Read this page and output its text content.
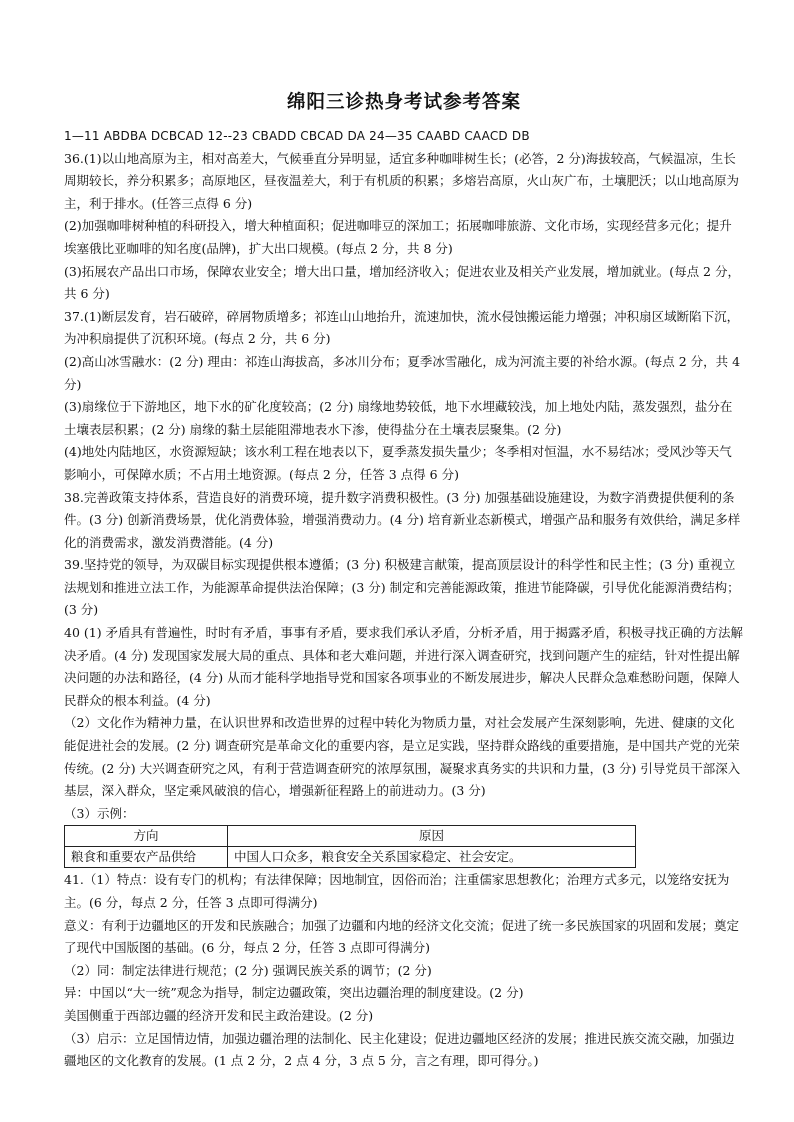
绵阳三诊热身考试参考答案

1—11 ABDBA DCBCAD 12--23 CBADD CBCAD DA 24—35 CAABD CAACD DB

36.(1)以山地高原为主，相对高差大，气候垂直分异明显，适宜多种咖啡树生长；(必答，2 分)海拔较高，气候温凉，生长周期较长，养分积累多；高原地区，昼夜温差大，利于有机质的积累；多熔岩高原，火山灰广布，土壤肥沃；以山地高原为主，利于排水。(任答三点得 6 分)

(2)加强咖啡树种植的科研投入，增大种植面积；促进咖啡豆的深加工；拓展咖啡旅游、文化市场，实现经营多元化；提升埃塞俄比亚咖啡的知名度(品牌)，扩大出口规模。(每点 2 分，共 8 分)

(3)拓展农产品出口市场，保障农业安全；增大出口量，增加经济收入；促进农业及相关产业发展，增加就业。(每点 2 分，共 6 分)

37.(1)断层发育，岩石破碎，碎屑物质增多；祁连山山地抬升，流速加快，流水侵蚀搬运能力增强；冲积扇区域断陷下沉，为冲积扇提供了沉积环境。(每点 2 分，共 6 分)

(2)高山冰雪融水：(2 分) 理由：祁连山海拔高，多冰川分布；夏季冰雪融化，成为河流主要的补给水源。(每点 2 分，共 4 分)

(3)扇缘位于下游地区，地下水的矿化度较高；(2 分) 扇缘地势较低，地下水埋藏较浅，加上地处内陆，蒸发强烈，盐分在土壤表层积累；(2 分) 扇缘的黏土层能阻滞地表水下渗，使得盐分在土壤表层聚集。(2 分)

(4)地处内陆地区，水资源短缺；该水利工程在地表以下，夏季蒸发损失量少；冬季相对恒温，水不易结冰；受风沙等天气影响小，可保障水质；不占用土地资源。(每点 2 分，任答 3 点得 6 分)

38.完善政策支持体系，营造良好的消费环境，提升数字消费积极性。(3 分) 加强基础设施建设，为数字消费提供便利的条件。(3 分) 创新消费场景，优化消费体验，增强消费动力。(4 分) 培育新业态新模式，增强产品和服务有效供给，满足多样化的消费需求，激发消费潜能。(4 分)

39.坚持党的领导，为双碳目标实现提供根本遵循；(3 分) 积极建言献策，提高顶层设计的科学性和民主性；(3 分) 重视立法规划和推进立法工作，为能源革命提供法治保障；(3 分) 制定和完善能源政策，推进节能降碳，引导优化能源消费结构；(3 分)

40 (1) 矛盾具有普遍性，时时有矛盾，事事有矛盾，要求我们承认矛盾，分析矛盾，用于揭露矛盾，积极寻找正确的方法解决矛盾。(4 分) 发现国家发展大局的重点、具体和老大难问题，并进行深入调查研究，找到问题产生的症结，针对性提出解决问题的办法和路径，(4 分) 从而才能科学地指导党和国家各项事业的不断发展进步，解决人民群众急难愁盼问题，保障人民群众的根本利益。(4 分)

（2）文化作为精神力量，在认识世界和改造世界的过程中转化为物质力量，对社会发展产生深刻影响，先进、健康的文化能促进社会的发展。(2 分) 调查研究是革命文化的重要内容，是立足实践，坚持群众路线的重要措施，是中国共产党的光荣传统。(2 分) 大兴调查研究之风，有利于营造调查研究的浓厚氛围，凝聚求真务实的共识和力量，(3 分) 引导党员干部深入基层，深入群众，坚定乘风破浪的信心，增强新征程路上的前进动力。(3 分)

（3）示例：

方向	原因
粮食和重要农产品供给	中国人口众多，粮食安全关系国家稳定、社会安定。

41.（1）特点：设有专门的机构；有法律保障；因地制宜，因俗而治；注重儒家思想教化；治理方式多元，以笼络安抚为主。(6 分，每点 2 分，任答 3 点即可得满分)

意义：有利于边疆地区的开发和民族融合；加强了边疆和内地的经济文化交流；促进了统一多民族国家的巩固和发展；奠定了现代中国版图的基础。(6 分，每点 2 分，任答 3 点即可得满分)

（2）同：制定法律进行规范；(2 分) 强调民族关系的调节；(2 分)

异：中国以“大一统”观念为指导，制定边疆政策，突出边疆治理的制度建设。(2 分)

美国侧重于西部边疆的经济开发和民主政治建设。(2 分)

（3）启示：立足国情边情，加强边疆治理的法制化、民主化建设；促进边疆地区经济的发展；推进民族交流交融，加强边疆地区的文化教育的发展。(1 点 2 分，2 点 4 分，3 点 5 分，言之有理，即可得分。)
